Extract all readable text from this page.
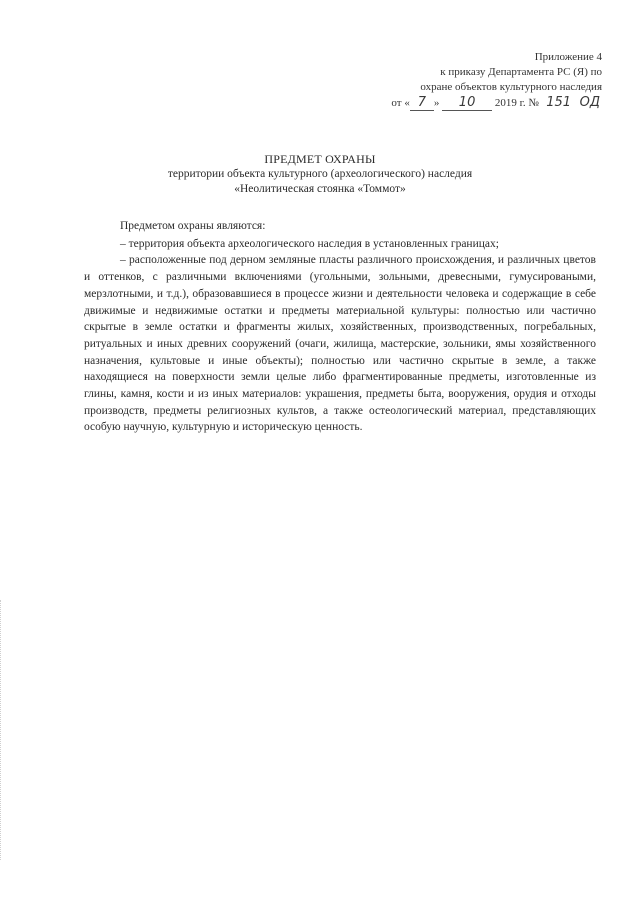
Приложение 4
к приказу Департамента РС (Я) по
охране объектов культурного наследия
от « 7 » 10 2019 г. № 151 ОД
ПРЕДМЕТ ОХРАНЫ
территории объекта культурного (археологического) наследия
«Неолитическая стоянка «Томмот»

Предметом охраны являются:

– территория объекта археологического наследия в установленных границах;

– расположенные под дерном земляные пласты различного происхождения, и различных цветов и оттенков, с различными включениями (угольными, зольными, древесными, гумусироваными, мерзлотными, и т.д.), образовавшиеся в процессе жизни и деятельности человека и содержащие в себе движимые и недвижимые остатки и предметы материальной культуры: полностью или частично скрытые в земле остатки и фрагменты жилых, хозяйственных, производственных, погребальных, ритуальных и иных древних сооружений (очаги, жилища, мастерские, зольники, ямы хозяйственного назначения, культовые и иные объекты); полностью или частично скрытые в земле, а также находящиеся на поверхности земли целые либо фрагментированные предметы, изготовленные из глины, камня, кости и из иных материалов: украшения, предметы быта, вооружения, орудия и отходы производств, предметы религиозных культов, а также остеологический материал, представляющих особую научную, культурную и историческую ценность.
